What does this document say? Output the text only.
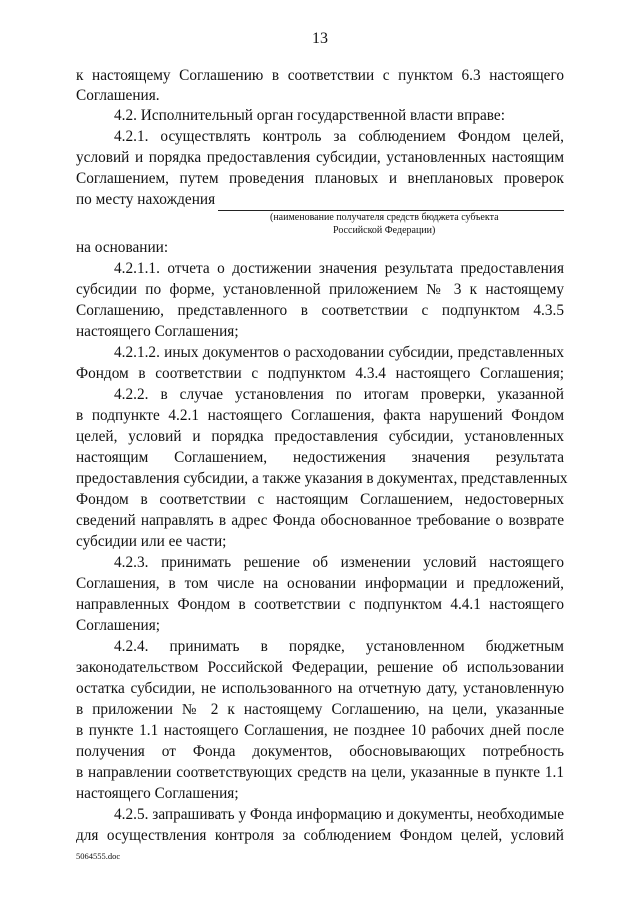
13
к настоящему Соглашению в соответствии с пунктом 6.3 настоящего
Соглашения.
4.2. Исполнительный орган государственной власти вправе:
4.2.1. осуществлять контроль за соблюдением Фондом целей,
условий и порядка предоставления субсидии, установленных настоящим
Соглашением, путем проведения плановых и внеплановых проверок
по месту нахождения
на основании:
4.2.1.1. отчета о достижении значения результата предоставления
субсидии по форме, установленной приложением № 3 к настоящему
Соглашению, представленного в соответствии с подпунктом 4.3.5
настоящего Соглашения;
4.2.1.2. иных документов о расходовании субсидии, представленных
Фондом в соответствии с подпунктом 4.3.4 настоящего Соглашения;
4.2.2. в случае установления по итогам проверки, указанной
в подпункте 4.2.1 настоящего Соглашения, факта нарушений Фондом
целей, условий и порядка предоставления субсидии, установленных
настоящим Соглашением, недостижения значения результата
предоставления субсидии, а также указания в документах, представленных
Фондом в соответствии с настоящим Соглашением, недостоверных
сведений направлять в адрес Фонда обоснованное требование о возврате
субсидии или ее части;
4.2.3. принимать решение об изменении условий настоящего
Соглашения, в том числе на основании информации и предложений,
направленных Фондом в соответствии с подпунктом 4.4.1 настоящего
Соглашения;
4.2.4. принимать в порядке, установленном бюджетным
законодательством Российской Федерации, решение об использовании
остатка субсидии, не использованного на отчетную дату, установленную
в приложении № 2 к настоящему Соглашению, на цели, указанные
в пункте 1.1 настоящего Соглашения, не позднее 10 рабочих дней после
получения от Фонда документов, обосновывающих потребность
в направлении соответствующих средств на цели, указанные в пункте 1.1
настоящего Соглашения;
4.2.5. запрашивать у Фонда информацию и документы, необходимые
для осуществления контроля за соблюдением Фондом целей, условий
(наименование получателя средств бюджета субъекта
Российской Федерации)
5064555.doc
